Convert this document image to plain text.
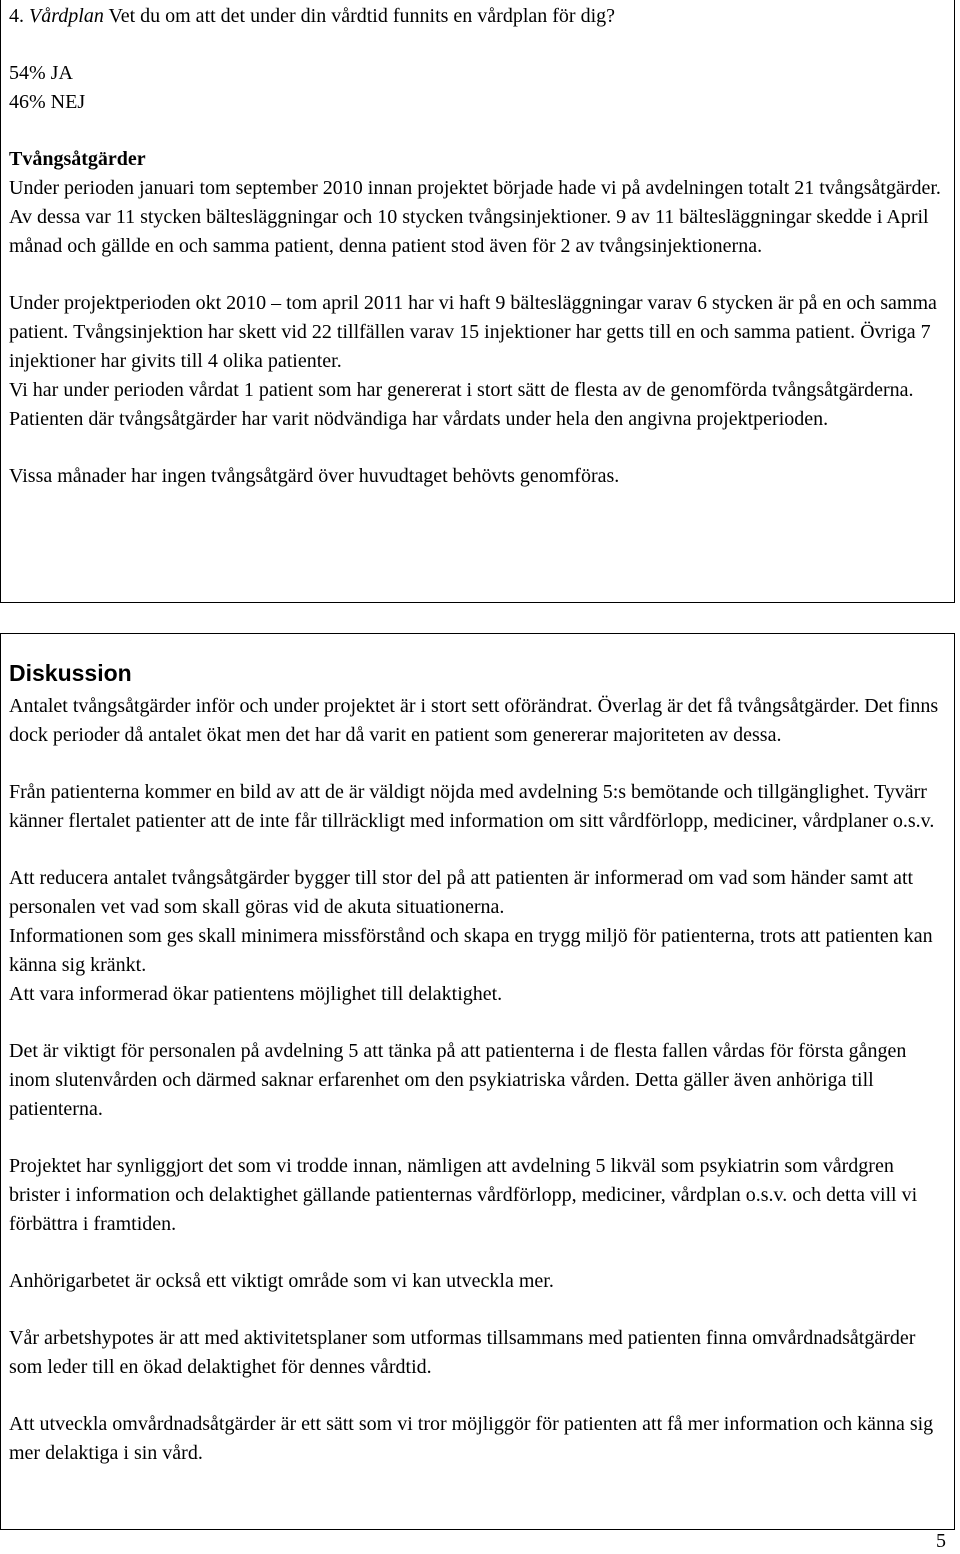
4. Vårdplan Vet du om att det under din vårdtid funnits en vårdplan för dig?

54% JA

46% NEJ

Tvångsåtgärder

Under perioden januari tom september 2010 innan projektet började hade vi på avdelningen totalt 21 tvångsåtgärder. Av dessa var 11 stycken bältesläggningar och 10 stycken tvångsinjektioner. 9 av 11 bältesläggningar skedde i April månad och gällde en och samma patient, denna patient stod även för 2 av tvångsinjektionerna.

Under projektperioden okt 2010 – tom april 2011 har vi haft 9 bältesläggningar varav 6 stycken är på en och samma patient. Tvångsinjektion har skett vid 22 tillfällen varav 15 injektioner har getts till en och samma patient. Övriga 7 injektioner har givits till 4 olika patienter.

Vi har under perioden vårdat 1 patient som har genererat i stort sätt de flesta av de genomförda tvångsåtgärderna. Patienten där tvångsåtgärder har varit nödvändiga har vårdats under hela den angivna projektperioden.

Vissa månader har ingen tvångsåtgärd över huvudtaget behövts genomföras.

Diskussion

Antalet tvångsåtgärder inför och under projektet är i stort sett oförändrat. Överlag är det få tvångsåtgärder. Det finns dock perioder då antalet ökat men det har då varit en patient som genererar majoriteten av dessa.

Från patienterna kommer en bild av att de är väldigt nöjda med avdelning 5:s bemötande och tillgänglighet. Tyvärr känner flertalet patienter att de inte får tillräckligt med information om sitt vårdförlopp, mediciner, vårdplaner o.s.v.

Att reducera antalet tvångsåtgärder bygger till stor del på att patienten är informerad om vad som händer samt att personalen vet vad som skall göras vid de akuta situationerna.

Informationen som ges skall minimera missförstånd och skapa en trygg miljö för patienterna, trots att patienten kan känna sig kränkt.

Att vara informerad ökar patientens möjlighet till delaktighet.

Det är viktigt för personalen på avdelning 5 att tänka på att patienterna i de flesta fallen vårdas för första gången inom slutenvården och därmed saknar erfarenhet om den psykiatriska vården. Detta gäller även anhöriga till patienterna.

Projektet har synliggjort det som vi trodde innan, nämligen att avdelning 5 likväl som psykiatrin som vårdgren brister i information och delaktighet gällande patienternas vårdförlopp, mediciner, vårdplan o.s.v. och detta vill vi förbättra i framtiden.

Anhörigarbetet är också ett viktigt område som vi kan utveckla mer.

Vår arbetshypotes är att med aktivitetsplaner som utformas tillsammans med patienten finna omvårdnadsåtgärder som leder till en ökad delaktighet för dennes vårdtid.

Att utveckla omvårdnadsåtgärder är ett sätt som vi tror möjliggör för patienten att få mer information och känna sig mer delaktiga i sin vård.

5
